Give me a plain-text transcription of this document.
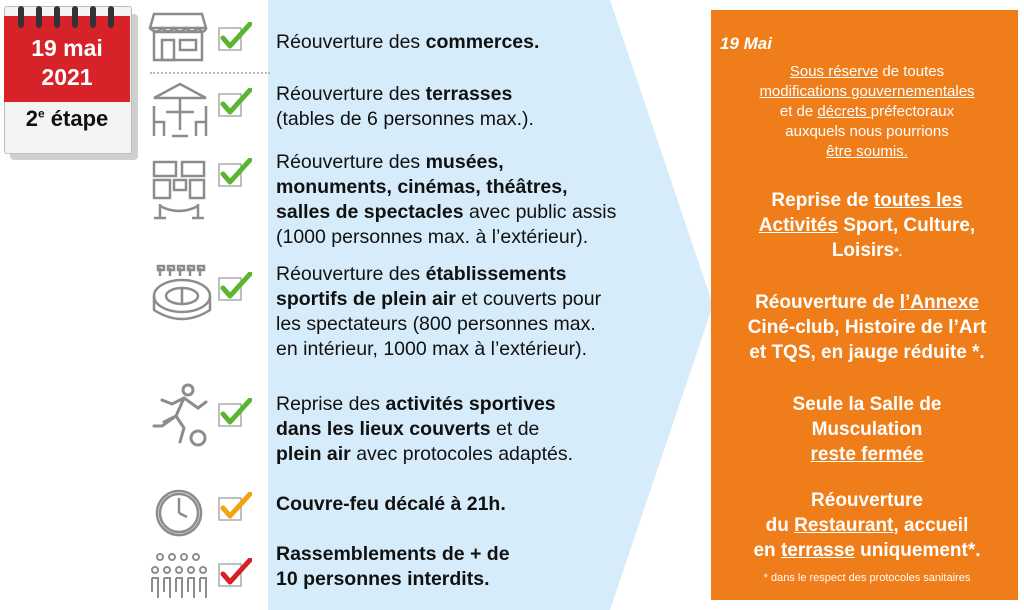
19 mai
2021
2e étape
Réouverture des commerces.
Réouverture des terrasses
(tables de 6 personnes max.).
Réouverture des musées,
monuments, cinémas, théâtres,
salles de spectacles avec public assis
(1000 personnes max. à l’extérieur).
Réouverture des établissements
sportifs de plein air et couverts pour
les spectateurs (800 personnes max.
en intérieur, 1000 max à l’extérieur).
Reprise des activités sportives
dans les lieux couverts et de
plein air avec protocoles adaptés.
Couvre-feu décalé à 21h.
Rassemblements de + de
10 personnes interdits.
19 Mai
Sous réserve de toutes
modifications gouvernementales
et de décrets préfectoraux
auxquels nous pourrions
être soumis.
Reprise de toutes les
Activités Sport, Culture,
Loisirs*.
Réouverture de l’Annexe
Ciné-club, Histoire de l’Art
et TQS, en jauge réduite *.
Seule la Salle de
Musculation
reste fermée
Réouverture
du Restaurant, accueil
en terrasse uniquement*.
* dans le respect des protocoles sanitaires
